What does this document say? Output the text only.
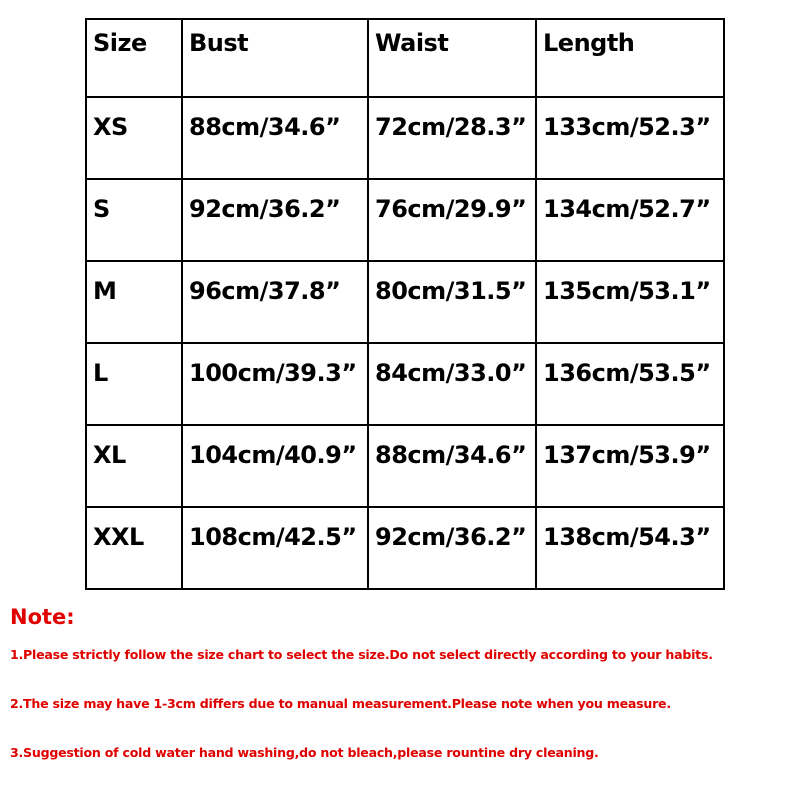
Size	Bust	Waist	Length
XS	88cm/34.6”	72cm/28.3”	133cm/52.3”
S	92cm/36.2”	76cm/29.9”	134cm/52.7”
M	96cm/37.8”	80cm/31.5”	135cm/53.1”
L	100cm/39.3”	84cm/33.0”	136cm/53.5”
XL	104cm/40.9”	88cm/34.6”	137cm/53.9”
XXL	108cm/42.5”	92cm/36.2”	138cm/54.3”

Note:

1.Please strictly follow the size chart to select the size.Do not select directly according to your habits.

2.The size may have 1-3cm differs due to manual measurement.Please note when you measure.

3.Suggestion of cold water hand washing,do not bleach,please rountine dry cleaning.
